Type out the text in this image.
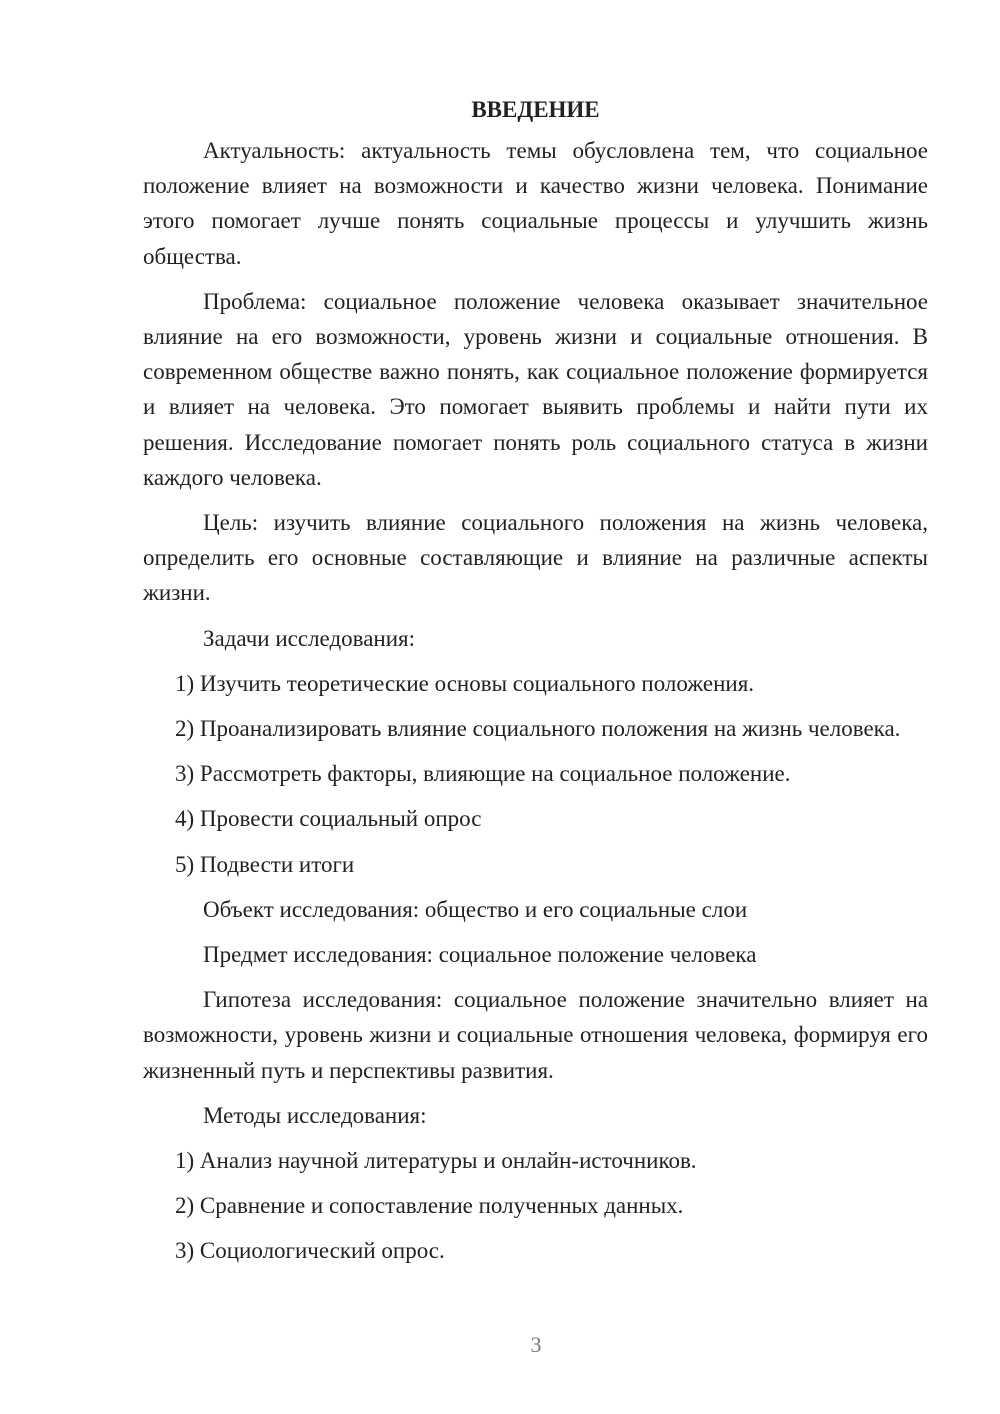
ВВЕДЕНИЕ

Актуальность: актуальность темы обусловлена тем, что социальное положение влияет на возможности и качество жизни человека. Понимание этого помогает лучше понять социальные процессы и улучшить жизнь общества.

Проблема: социальное положение человека оказывает значительное влияние на его возможности, уровень жизни и социальные отношения. В современном обществе важно понять, как социальное положение формируется и влияет на человека. Это помогает выявить проблемы и найти пути их решения. Исследование помогает понять роль социального статуса в жизни каждого человека.

Цель: изучить влияние социального положения на жизнь человека, определить его основные составляющие и влияние на различные аспекты жизни.

Задачи исследования:

1) Изучить теоретические основы социального положения.

2) Проанализировать влияние социального положения на жизнь человека.

3) Рассмотреть факторы, влияющие на социальное положение.

4) Провести социальный опрос

5) Подвести итоги

Объект исследования: общество и его социальные слои

Предмет исследования: социальное положение человека

Гипотеза исследования: социальное положение значительно влияет на возможности, уровень жизни и социальные отношения человека, формируя его жизненный путь и перспективы развития.

Методы исследования:

1) Анализ научной литературы и онлайн-источников.

2) Сравнение и сопоставление полученных данных.

3) Социологический опрос.

3
